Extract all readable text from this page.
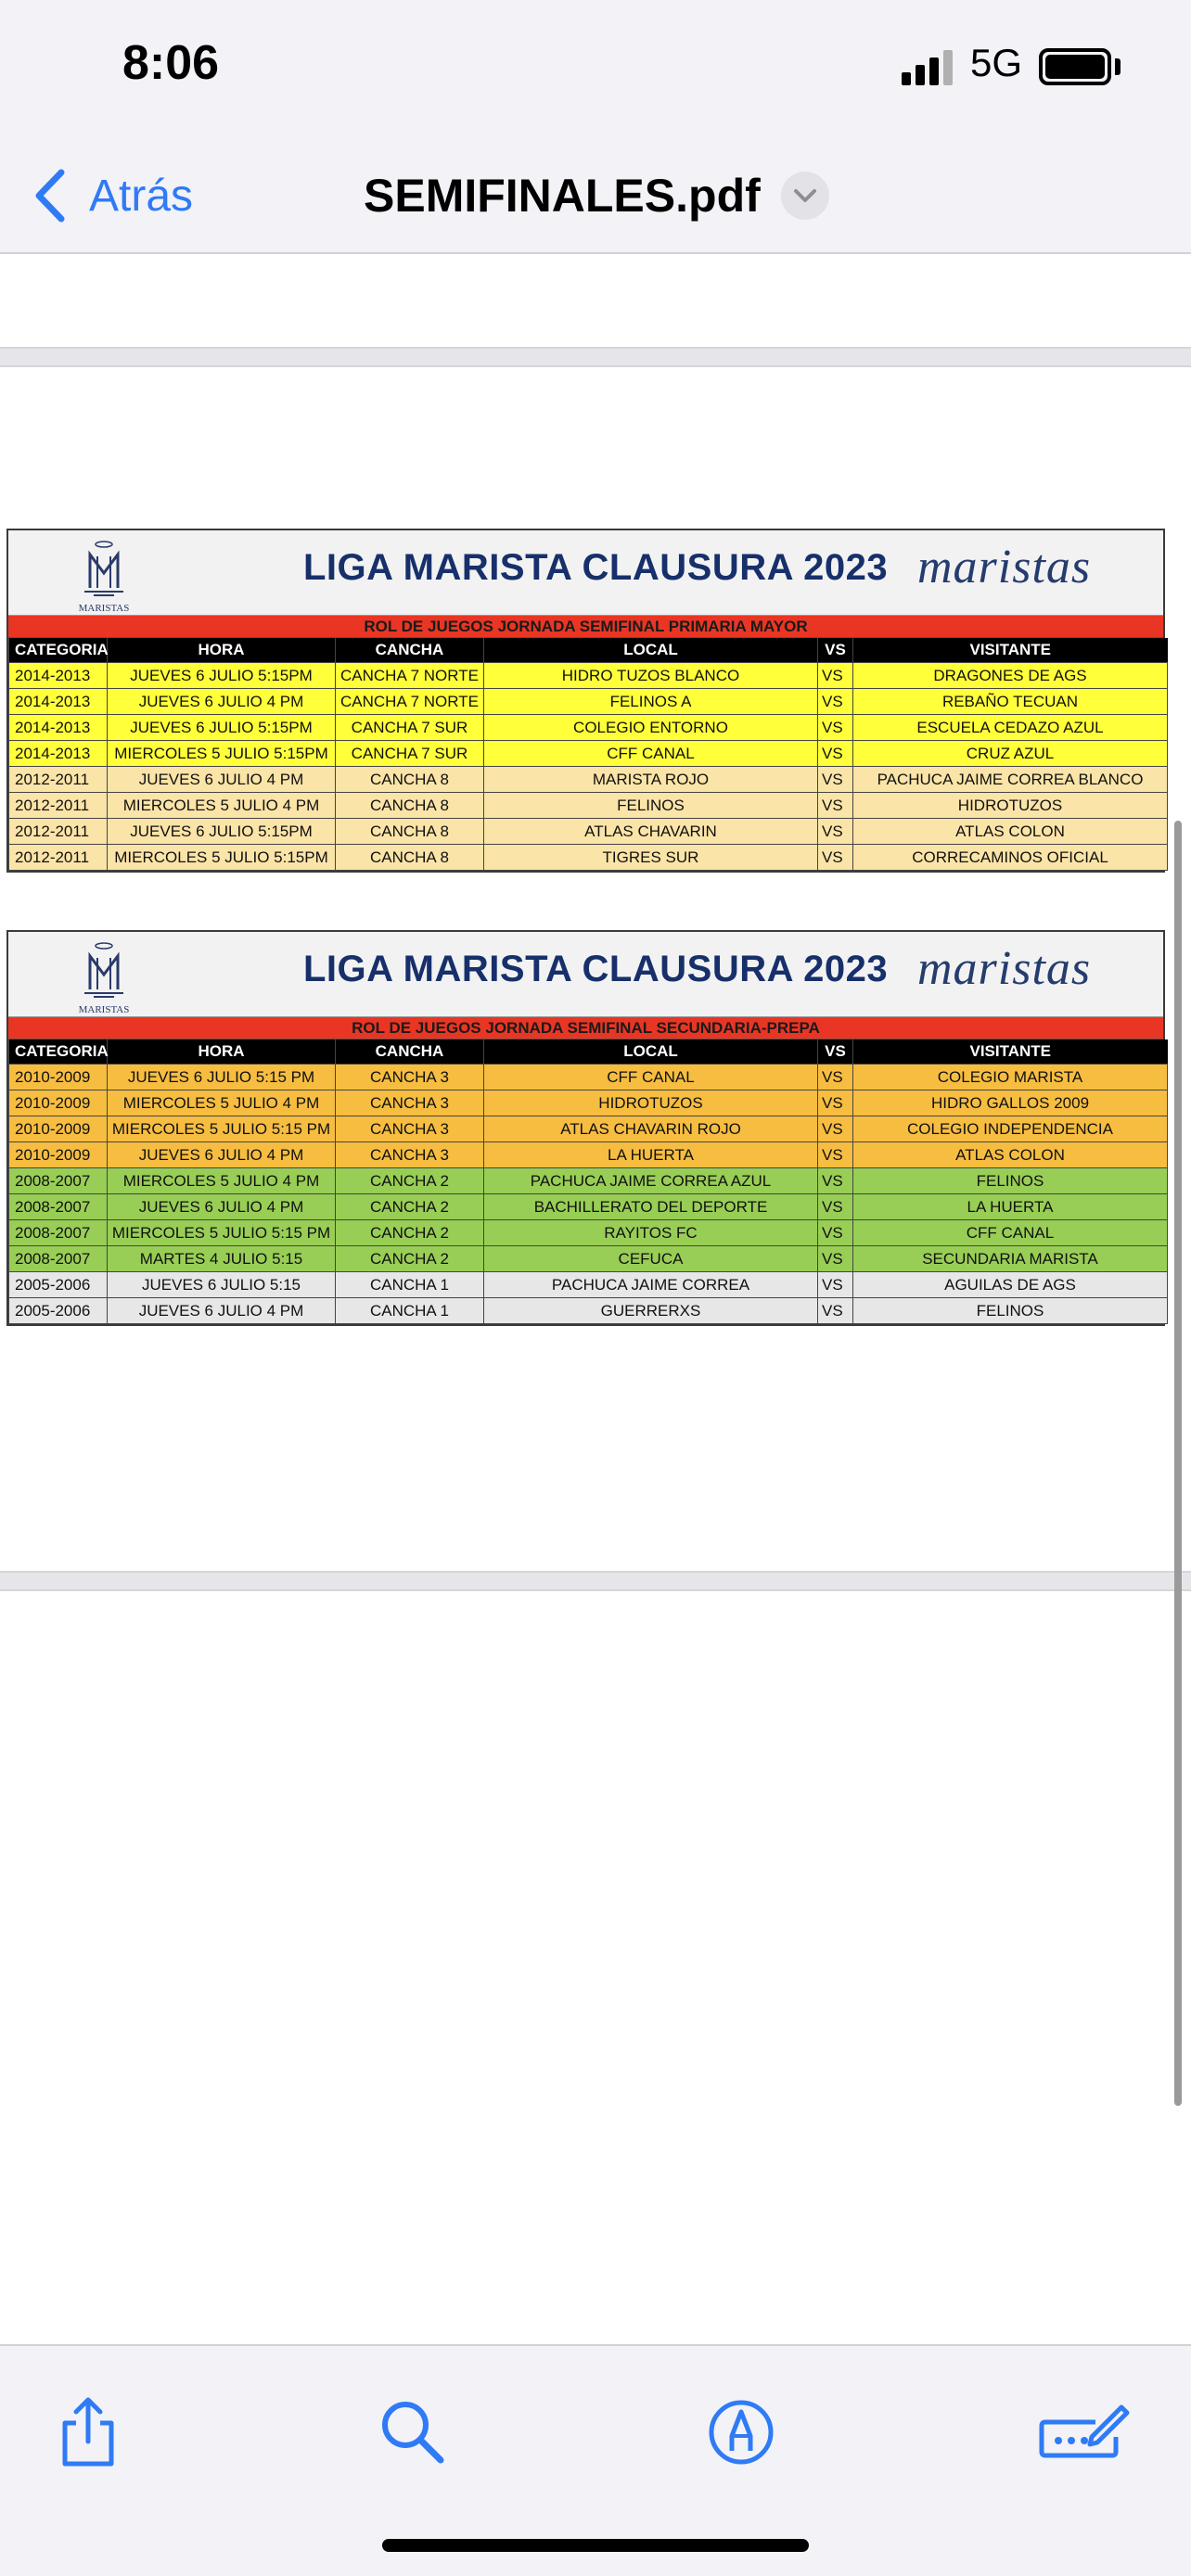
8:06	5G
Atrás	SEMIFINALES.pdf
MARISTAS
LIGA MARISTA CLAUSURA 2023 maristas
ROL DE JUEGOS JORNADA SEMIFINAL PRIMARIA MAYOR
CATEGORIA	HORA	CANCHA	LOCAL	VS	VISITANTE
2014-2013	JUEVES 6 JULIO 5:15PM	CANCHA 7 NORTE	HIDRO TUZOS BLANCO	VS	DRAGONES DE AGS
2014-2013	JUEVES 6 JULIO 4 PM	CANCHA 7 NORTE	FELINOS A	VS	REBAÑO TECUAN
2014-2013	JUEVES 6 JULIO 5:15PM	CANCHA 7 SUR	COLEGIO ENTORNO	VS	ESCUELA CEDAZO AZUL
2014-2013	MIERCOLES 5 JULIO 5:15PM	CANCHA 7 SUR	CFF CANAL	VS	CRUZ AZUL
2012-2011	JUEVES 6 JULIO 4 PM	CANCHA 8	MARISTA ROJO	VS	PACHUCA JAIME CORREA BLANCO
2012-2011	MIERCOLES 5 JULIO 4 PM	CANCHA 8	FELINOS	VS	HIDROTUZOS
2012-2011	JUEVES 6 JULIO 5:15PM	CANCHA 8	ATLAS CHAVARIN	VS	ATLAS COLON
2012-2011	MIERCOLES 5 JULIO 5:15PM	CANCHA 8	TIGRES SUR	VS	CORRECAMINOS OFICIAL
MARISTAS
LIGA MARISTA CLAUSURA 2023 maristas
ROL DE JUEGOS JORNADA SEMIFINAL SECUNDARIA-PREPA
CATEGORIA	HORA	CANCHA	LOCAL	VS	VISITANTE
2010-2009	JUEVES 6 JULIO 5:15 PM	CANCHA 3	CFF CANAL	VS	COLEGIO MARISTA
2010-2009	MIERCOLES 5 JULIO 4 PM	CANCHA 3	HIDROTUZOS	VS	HIDRO GALLOS 2009
2010-2009	MIERCOLES 5 JULIO 5:15 PM	CANCHA 3	ATLAS CHAVARIN ROJO	VS	COLEGIO INDEPENDENCIA
2010-2009	JUEVES 6 JULIO 4 PM	CANCHA 3	LA HUERTA	VS	ATLAS COLON
2008-2007	MIERCOLES 5 JULIO 4 PM	CANCHA 2	PACHUCA JAIME CORREA AZUL	VS	FELINOS
2008-2007	JUEVES 6 JULIO 4 PM	CANCHA 2	BACHILLERATO DEL DEPORTE	VS	LA HUERTA
2008-2007	MIERCOLES 5 JULIO 5:15 PM	CANCHA 2	RAYITOS FC	VS	CFF CANAL
2008-2007	MARTES 4 JULIO 5:15	CANCHA 2	CEFUCA	VS	SECUNDARIA MARISTA
2005-2006	JUEVES 6 JULIO 5:15	CANCHA 1	PACHUCA JAIME CORREA	VS	AGUILAS DE AGS
2005-2006	JUEVES 6 JULIO 4 PM	CANCHA 1	GUERRERXS	VS	FELINOS
